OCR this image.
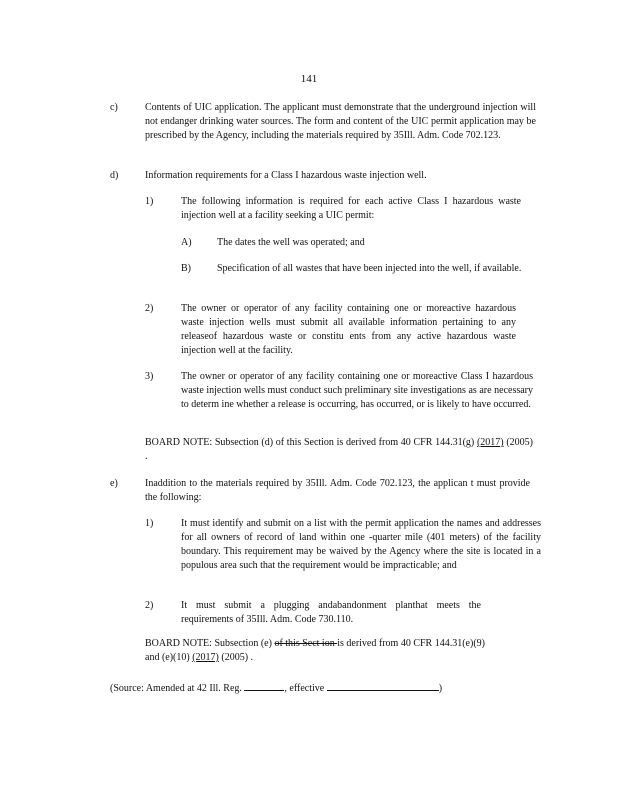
141
c)	Contents of UIC application. The applicant must demonstrate that the underground injection will not endanger drinking water sources. The form and content of the UIC permit application may be prescribed by the Agency, including the materials required by 35Ill. Adm. Code 702.123.
d)	Information requirements for a Class I hazardous waste injection well.
1)	The following information is required for each active Class I hazardous waste injection well at a facility seeking a UIC permit:
A)	The dates the well was operated; and
B)	Specification of all wastes that have been injected into the well, if available.
2)	The owner or operator of any facility containing one or moreactive hazardous waste injection wells must submit all available information pertaining to any releaseof hazardous waste or constitu ents from any active hazardous waste injection well at the facility.
3)	The owner or operator of any facility containing one or moreactive Class I hazardous waste injection wells must conduct such preliminary site investigations as are necessary to determ ine whether a release is occurring, has occurred, or is likely to have occurred.
BOARD NOTE: Subsection (d) of this Section is derived from 40 CFR 144.31(g) (2017) (2005) .
e)	Inaddition to the materials required by 35Ill. Adm. Code 702.123, the applican t must provide the following:
1)	It must identify and submit on a list with the permit application the names and addresses for all owners of record of land within one -quarter mile (401 meters) of the facility boundary. This requirement may be waived by the Agency where the site is located in a populous area such that the requirement would be impracticable; and
2)	It must submit a plugging andabandonment planthat meets the requirements of 35Ill. Adm. Code 730.110.
BOARD NOTE: Subsection (e) of this Sect ion is derived from 40 CFR 144.31(e)(9) and (e)(10) (2017) (2005) .
(Source: Amended at 42 Ill. Reg.	, effective	)
